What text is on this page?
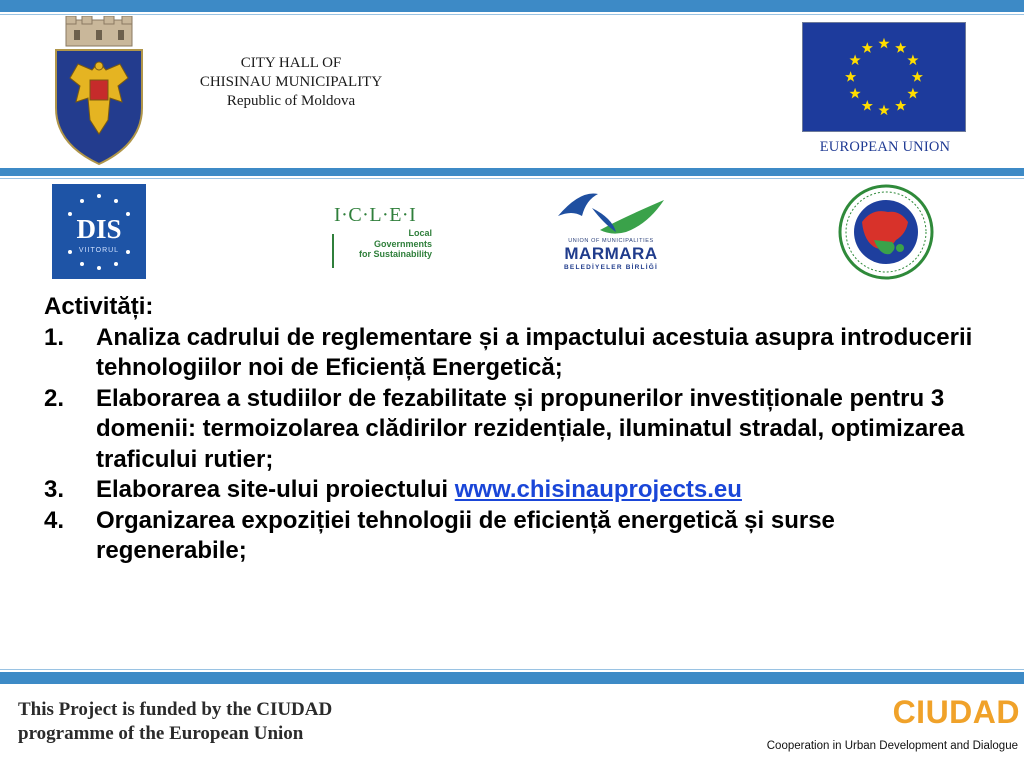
CITY HALL OF
CHISINAU MUNICIPALITY
Republic of Moldova
EUROPEAN UNION
DIS
VIITORUL
I·C·L·E·I
Local
Governments
for Sustainability
UNION OF MUNICIPALITIES
MARMARA
BELEDİYELER BİRLİĞİ
Activități:
1.	Analiza cadrului de reglementare și a impactului acestuia asupra introducerii tehnologiilor noi de Eficiență Energetică;
2.	Elaborarea a studiilor de fezabilitate și propunerilor investiționale pentru 3 domenii: termoizolarea clădirilor rezidențiale, iluminatul stradal, optimizarea traficului rutier;
3.	Elaborarea site-ului proiectului www.chisinauprojects.eu
4.	Organizarea expoziției tehnologii de eficiență energetică și surse regenerabile;
This Project is funded by the CIUDAD
programme of the European Union
CIUDAD
Cooperation in Urban Development and Dialogue
